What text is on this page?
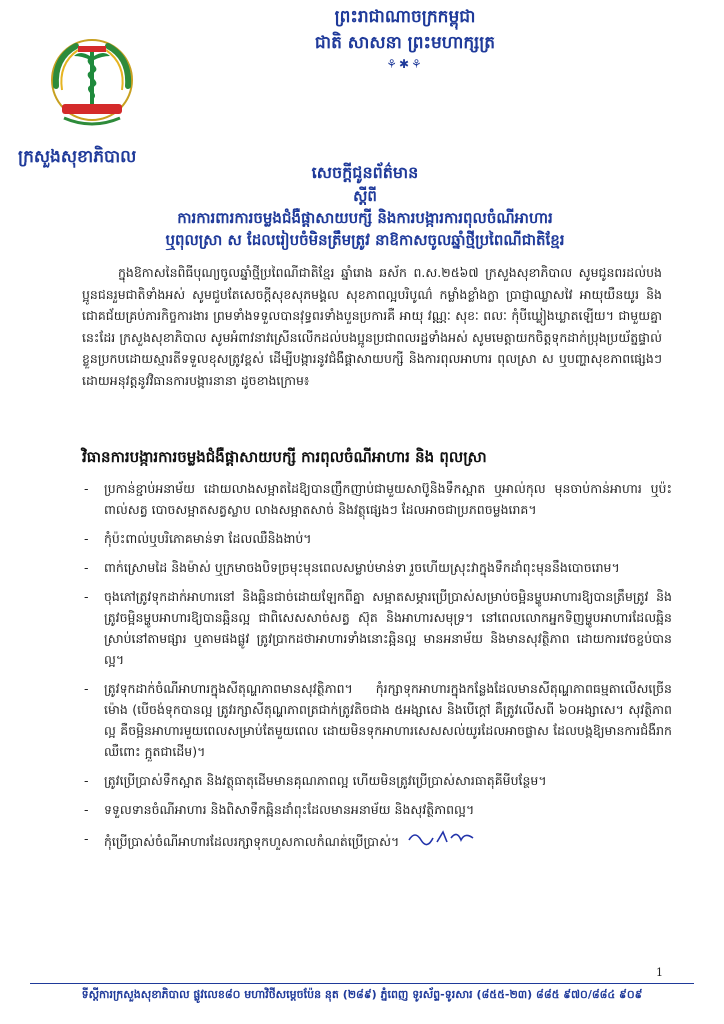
ព្រះរាជាណាចក្រកម្ពុជា
ជាតិ សាសនា ព្រះមហាក្សត្រ
⚘✱⚘
ក្រសួងសុខាភិបាល
សេចក្តីជូនព័ត៌មាន
ស្តីពី
ការការពារការចម្លងជំងឺផ្តាសាយបក្សី និងការបង្ការការពុលចំណីអាហារ
ឬពុលស្រា ស ដែលរៀបចំមិនត្រឹមត្រូវ នាឱកាសចូលឆ្នាំថ្មីប្រពៃណីជាតិខ្មែរ
ក្នុងឱកាសនៃពិធីបុណ្យចូលឆ្នាំថ្មីប្រពៃណីជាតិខ្មែរ ឆ្នាំរោង ឆស័ក ព.ស.២៥៦៧ ក្រសួងសុខាភិបាល សូមជូនពរដល់បងប្អូនជនរួមជាតិទាំងអស់ សូមជួបតែសេចក្តីសុខសុភមង្គល សុខភាពល្អបរិបូណ៌ កម្លាំងខ្លាំងក្លា ប្រាជ្ញាឈ្លាសវៃ អាយុយឺនយូរ និងជោគជ័យគ្រប់ភារកិច្ចការងារ ព្រមទាំងទទួលបានវុទ្ធពរទាំងបួនប្រការគឺ អាយុ វណ្ណៈ សុខៈ ពលៈ កុំបីឃ្លៀងឃ្លាតឡើយ។ ជាមួយគ្នានេះដែរ ក្រសួងសុខាភិបាល សូមអំពាវនាវស្រើនលើកដល់បងប្អូនប្រជាពលរដ្ឋទាំងអស់ សូមមេត្តាយកចិត្តទុកដាក់ប្រុងប្រយ័ត្នផ្ទាល់ខ្លួនប្រកបដោយស្មារតីទទួលខុសត្រូវខ្ពស់ ដើម្បីបង្ការនូវជំងឺផ្តាសាយបក្សី និងការពុលអាហារ ពុលស្រា ស ឬបញ្ហាសុខភាពផ្សេងៗ ដោយអនុវត្តនូវវិធានការបង្ការនានា ដូចខាងក្រោម៖
វិធានការបង្ការការចម្លងជំងឺផ្តាសាយបក្សី ការពុលចំណីអាហារ និង ពុលស្រា
- ប្រកាន់ខ្ជាប់អនាម័យ ដោយលាងសម្អាតដៃឱ្យបានញឹកញាប់ជាមួយសាប៊ូនិងទឹកស្អាត ឬអាល់កុល មុនចាប់កាន់អាហារ ឬប៉ះពាល់សត្វ បោចសម្អាតសត្វស្លាប លាងសម្អាតសាច់ និងវត្ថុផ្សេងៗ ដែលអាចជាប្រភពចម្លងរោគ។
- កុំប៉ះពាល់ឬបរិភោគមាន់ទា ដែលឈឺនិងងាប់។
- ពាក់ស្រោមដៃ និងម៉ាស់ ឬក្រមាចងបិទច្រមុះមុនពេលសម្លាប់មាន់ទា រួចហើយស្រុះវាក្នុងទឹកដាំពុះមុននឹងបោចរោម។
- ចុងភៅត្រូវទុកដាក់អាហារនៅ និងឆ្អិនជាច់ដោយឡែកពីគ្នា សម្អាតសម្ភារប្រើប្រាស់សម្រាប់ចម្អិនម្ហូបអាហារឱ្យបានត្រឹមត្រូវ និងត្រូវចម្អិនម្ហូបអាហារឱ្យបានឆ្អិនល្អ ជាពិសេសសាច់សត្វ ស៊ុត និងអាហារសមុទ្រ។ នៅពេលលោកអ្នកទិញម្ហូបអាហារដែលឆ្អិនស្រាប់នៅតាមផ្សារ ឬតាមផងផ្លូវ ត្រូវប្រាកដថាអាហារទាំងនោះឆ្អិនល្អ មានអនាម័យ និងមានសុវត្ថិភាព ដោយការវេចខ្ចប់បានល្អ។
- ត្រូវទុកដាក់ចំណីអាហារក្នុងសីតុណ្ហភាពមានសុវត្ថិភាព។ កុំរក្សាទុកអាហារក្នុងកន្លែងដែលមានសីតុណ្ហភាពធម្មតាលើសច្រើនម៉ោង (បើចង់ទុកបានល្អ ត្រូវរក្សាសីតុណ្ហភាពត្រជាក់ត្រូវតិចជាង ៥អង្សាសេ និងបើក្តៅ គឺត្រូវលើសពី ៦០អង្សាសេ។ សុវត្ថិភាពល្អ គឺចម្អិនអាហារមួយពេលសម្រាប់តែមួយពេល ដោយមិនទុកអាហារសេសសល់យូរដែលអាចផ្លាស ដែលបង្កឱ្យមានការជំងឺរាក ឈឺពោះ ក្អួតជាដើម)។
- ត្រូវប្រើប្រាស់ទឹកស្អាត និងវត្ថុធាតុដើមមានគុណភាពល្អ ហើយមិនត្រូវប្រើប្រាស់សារធាតុគីមីបន្ថែម។
- ទទួលទានចំណីអាហារ និងពិសាទឹកឆ្អិនដាំពុះដែលមានអនាម័យ និងសុវត្ថិភាពល្អ។
- កុំប្រើប្រាស់ចំណីអាហារដែលរក្សាទុកហួសកាលកំណត់ប្រើប្រាស់។
1
ទីស្តីការក្រសួងសុខាភិបាល ផ្លូវលេខ៨០ មហាវិថីសម្តេចប៉ែន នុត (២៨៩) ភ្នំពេញ ទូរស័ព្ទ-ទូរសារ (៨៥៥-២៣) ៨៨៥ ៩៧០/៨៨៤ ៩០៩
